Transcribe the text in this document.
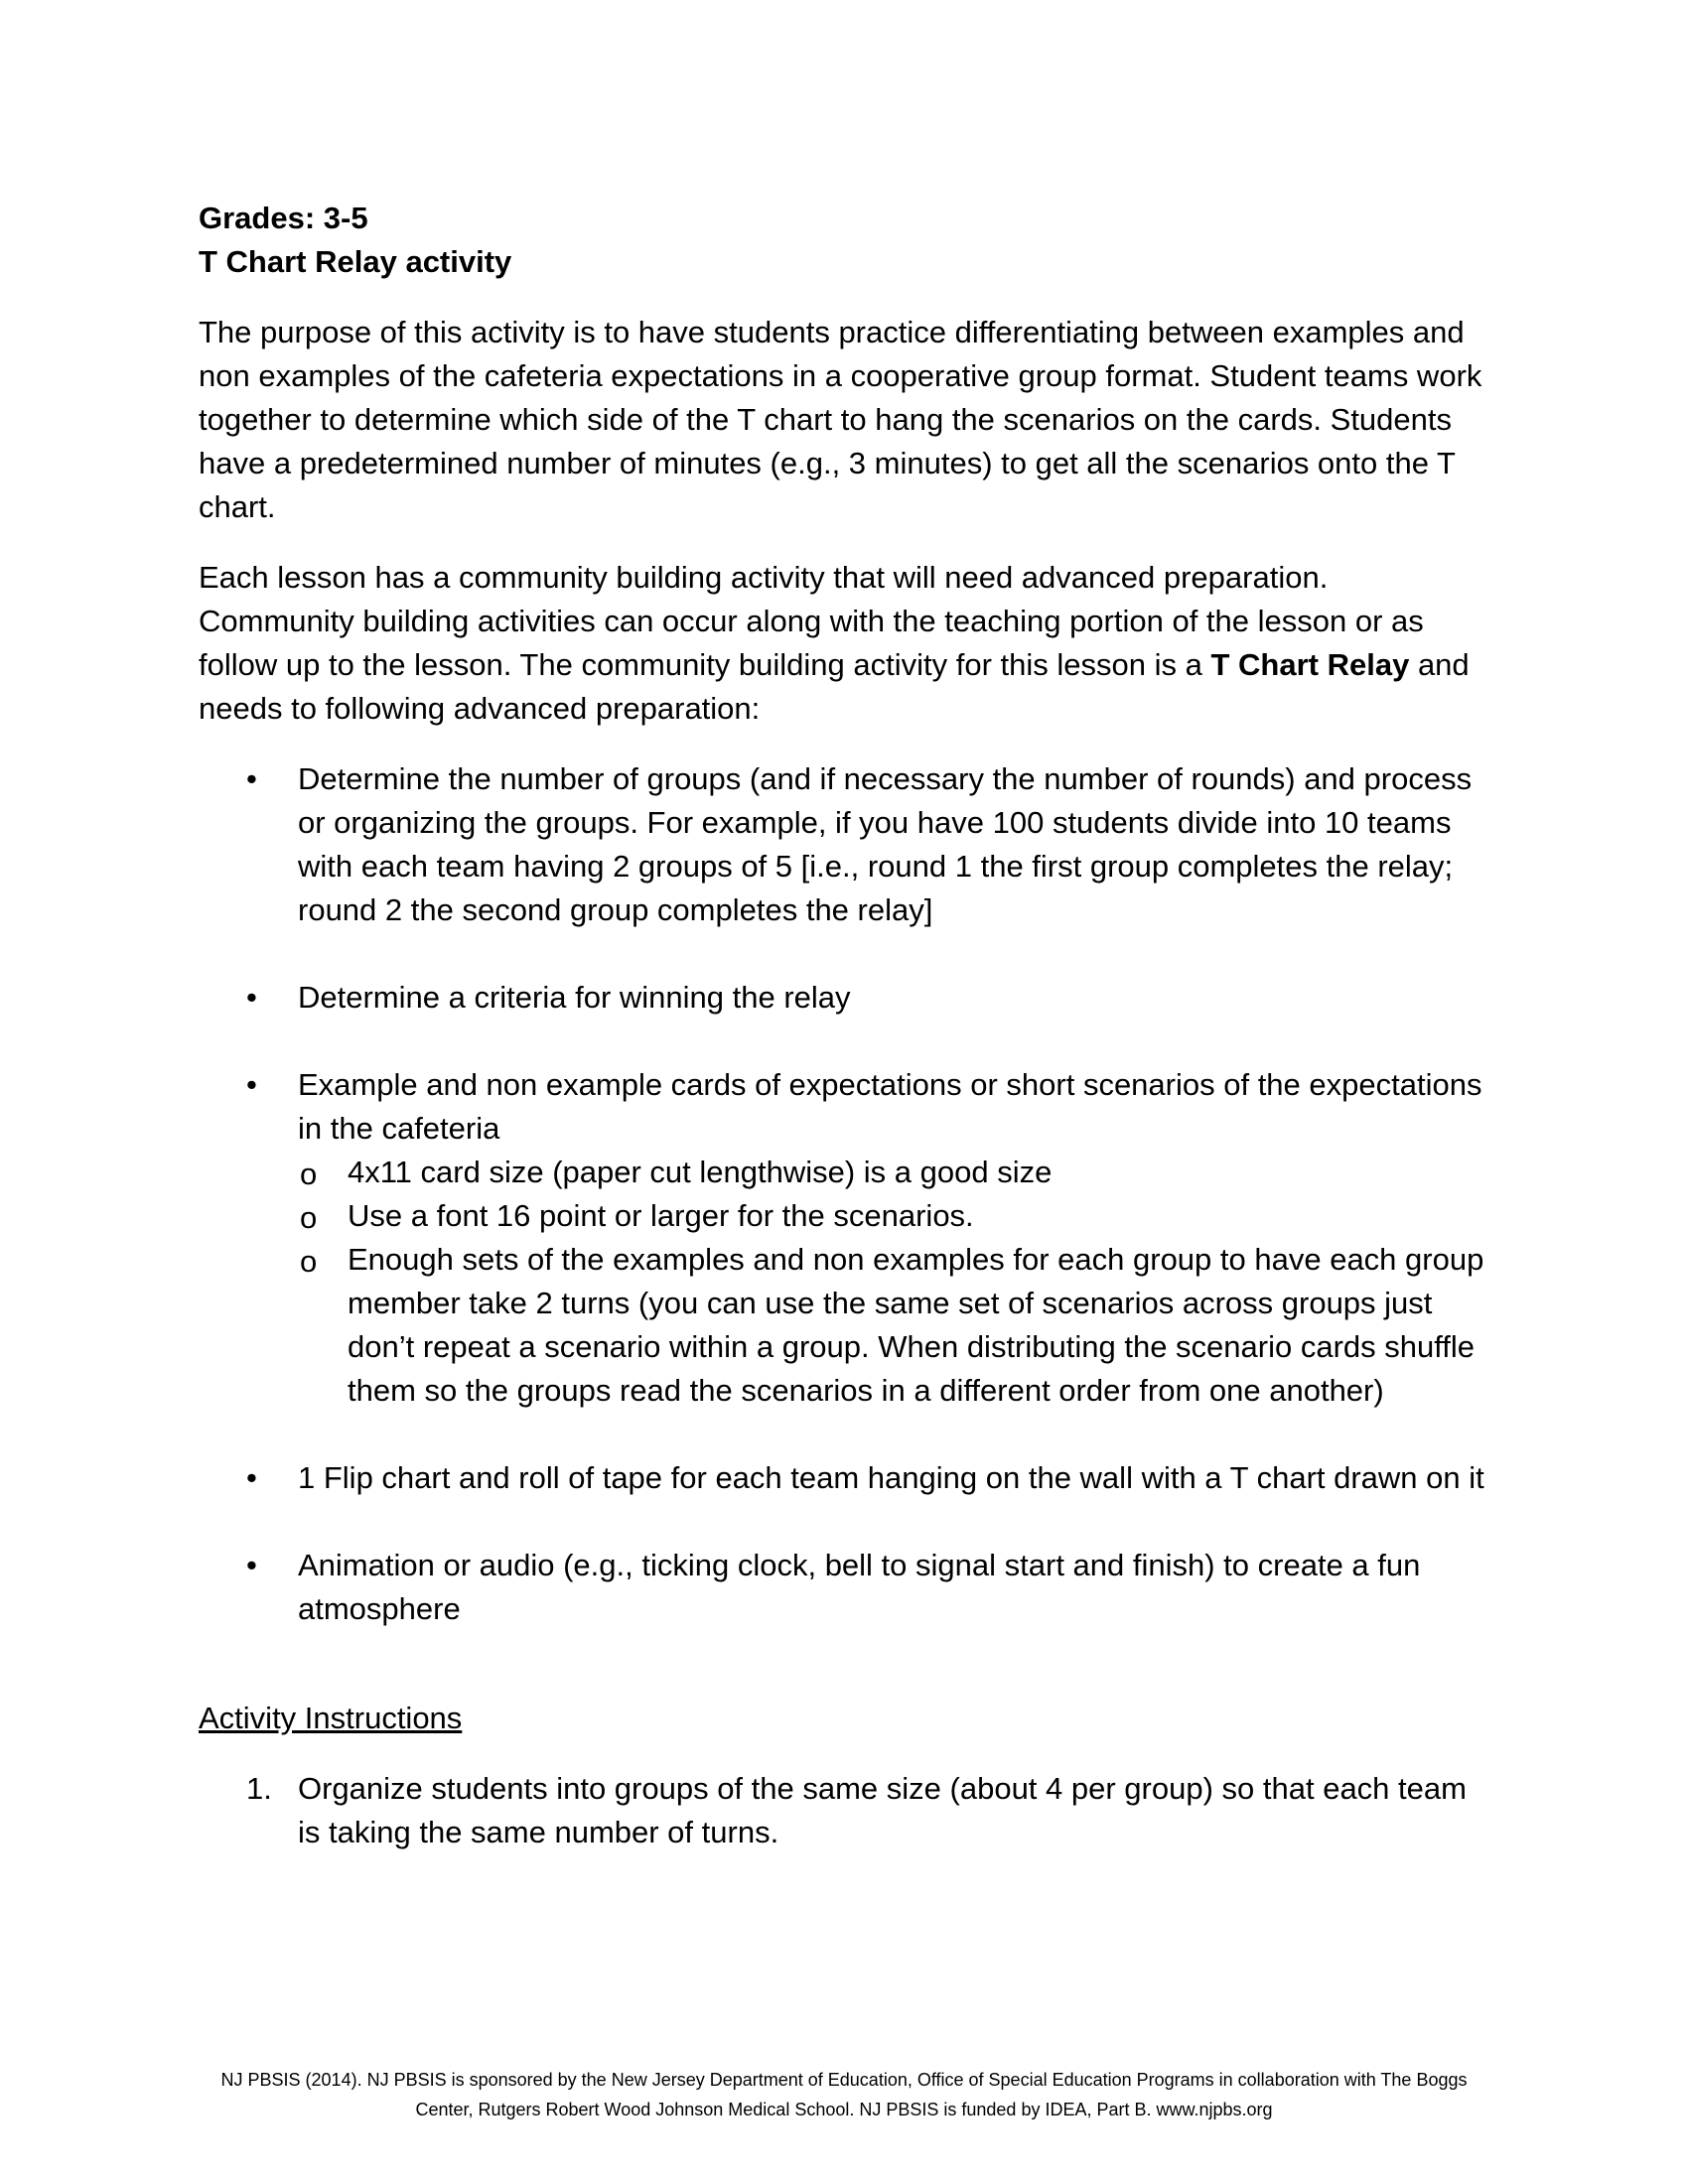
Grades: 3-5

T Chart Relay activity

The purpose of this activity is to have students practice differentiating between examples and non examples of the cafeteria expectations in a cooperative group format. Student teams work together to determine which side of the T chart to hang the scenarios on the cards. Students have a predetermined number of minutes (e.g., 3 minutes) to get all the scenarios onto the T chart.

Each lesson has a community building activity that will need advanced preparation. Community building activities can occur along with the teaching portion of the lesson or as follow up to the lesson. The community building activity for this lesson is a T Chart Relay and needs to following advanced preparation:

• Determine the number of groups (and if necessary the number of rounds) and process or organizing the groups. For example, if you have 100 students divide into 10 teams with each team having 2 groups of 5 [i.e., round 1 the first group completes the relay; round 2 the second group completes the relay]
• Determine a criteria for winning the relay
• Example and non example cards of expectations or short scenarios of the expectations in the cafeteria
o 4x11 card size (paper cut lengthwise) is a good size
o Use a font 16 point or larger for the scenarios.
o Enough sets of the examples and non examples for each group to have each group member take 2 turns (you can use the same set of scenarios across groups just don’t repeat a scenario within a group. When distributing the scenario cards shuffle them so the groups read the scenarios in a different order from one another)
• 1 Flip chart and roll of tape for each team hanging on the wall with a T chart drawn on it
• Animation or audio (e.g., ticking clock, bell to signal start and finish) to create a fun atmosphere

Activity Instructions

1. Organize students into groups of the same size (about 4 per group) so that each team is taking the same number of turns.
NJ PBSIS (2014). NJ PBSIS is sponsored by the New Jersey Department of Education, Office of Special Education Programs in collaboration with The Boggs
Center, Rutgers Robert Wood Johnson Medical School. NJ PBSIS is funded by IDEA, Part B. www.njpbs.org
